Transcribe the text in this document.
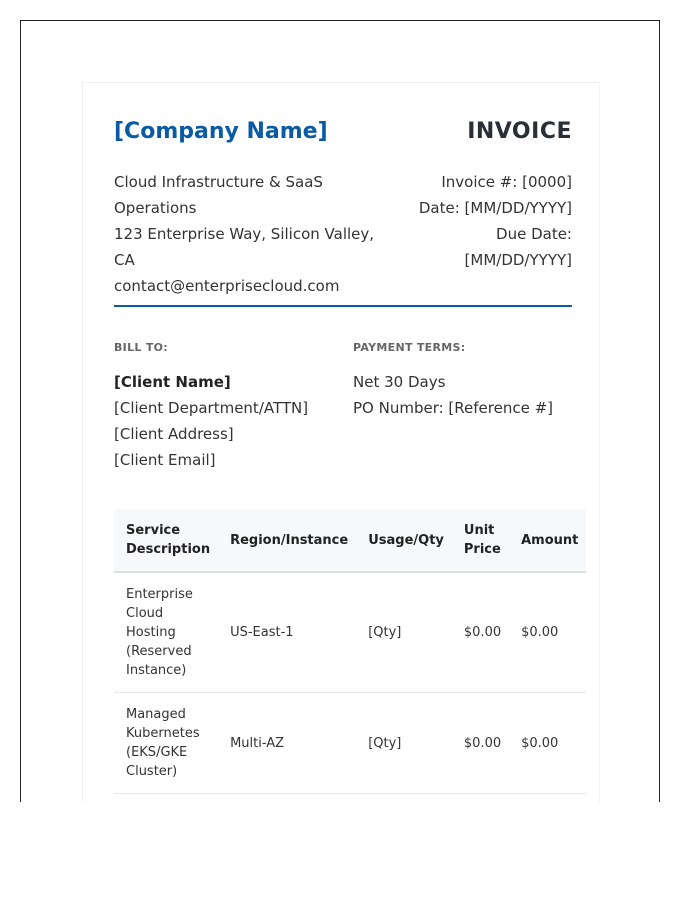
[Company Name]	INVOICE
Cloud Infrastructure & SaaS
Operations
123 Enterprise Way, Silicon Valley, CA
contact@enterprisecloud.com
Invoice #: [0000]
Date: [MM/DD/YYYY]
Due Date:
[MM/DD/YYYY]
BILL TO:	PAYMENT TERMS:
[Client Name]
[Client Department/ATTN]
[Client Address]
[Client Email]
Net 30 Days
PO Number: [Reference #]
Service Description	Region/Instance	Usage/Qty	Unit Price	Amount
Enterprise Cloud Hosting (Reserved Instance)	US-East-1	[Qty]	$0.00	$0.00
Managed Kubernetes (EKS/GKE Cluster)	Multi-AZ	[Qty]	$0.00	$0.00
